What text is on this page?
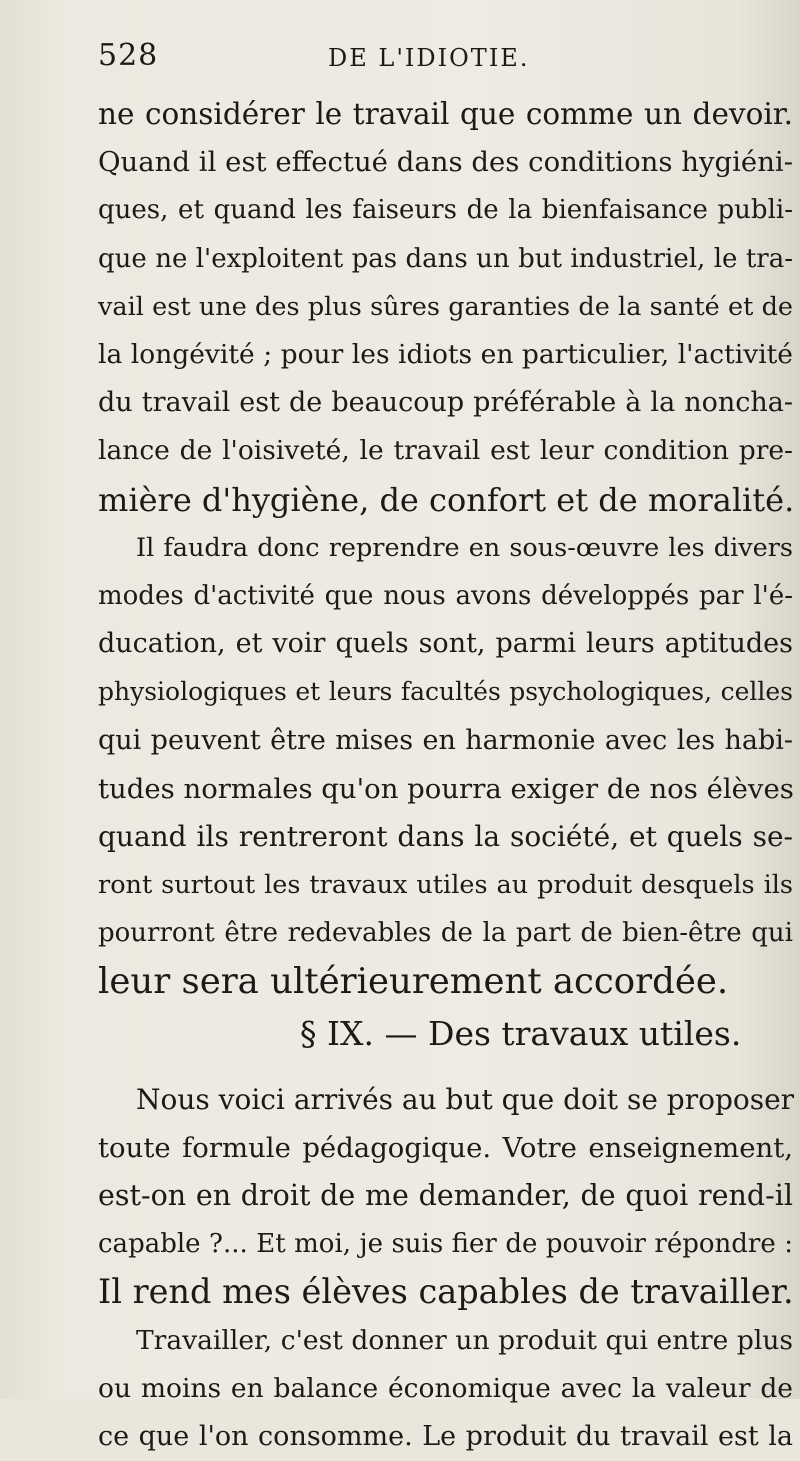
528	DE L'IDIOTIE.
ne considérer le travail que comme un devoir.
Quand il est effectué dans des conditions hygiéni-
ques, et quand les faiseurs de la bienfaisance publi-
que ne l'exploitent pas dans un but industriel, le tra-
vail est une des plus sûres garanties de la santé et de
la longévité ; pour les idiots en particulier, l'activité
du travail est de beaucoup préférable à la noncha-
lance de l'oisiveté, le travail est leur condition pre-
mière d'hygiène, de confort et de moralité.
Il faudra donc reprendre en sous-œuvre les divers
modes d'activité que nous avons développés par l'é-
ducation, et voir quels sont, parmi leurs aptitudes
physiologiques et leurs facultés psychologiques, celles
qui peuvent être mises en harmonie avec les habi-
tudes normales qu'on pourra exiger de nos élèves
quand ils rentreront dans la société, et quels se-
ront surtout les travaux utiles au produit desquels ils
pourront être redevables de la part de bien-être qui
leur sera ultérieurement accordée.
§ IX. — Des travaux utiles.
Nous voici arrivés au but que doit se proposer
toute formule pédagogique. Votre enseignement,
est-on en droit de me demander, de quoi rend-il
capable ?... Et moi, je suis fier de pouvoir répondre :
Il rend mes élèves capables de travailler.
Travailler, c'est donner un produit qui entre plus
ou moins en balance économique avec la valeur de
ce que l'on consomme. Le produit du travail est la
